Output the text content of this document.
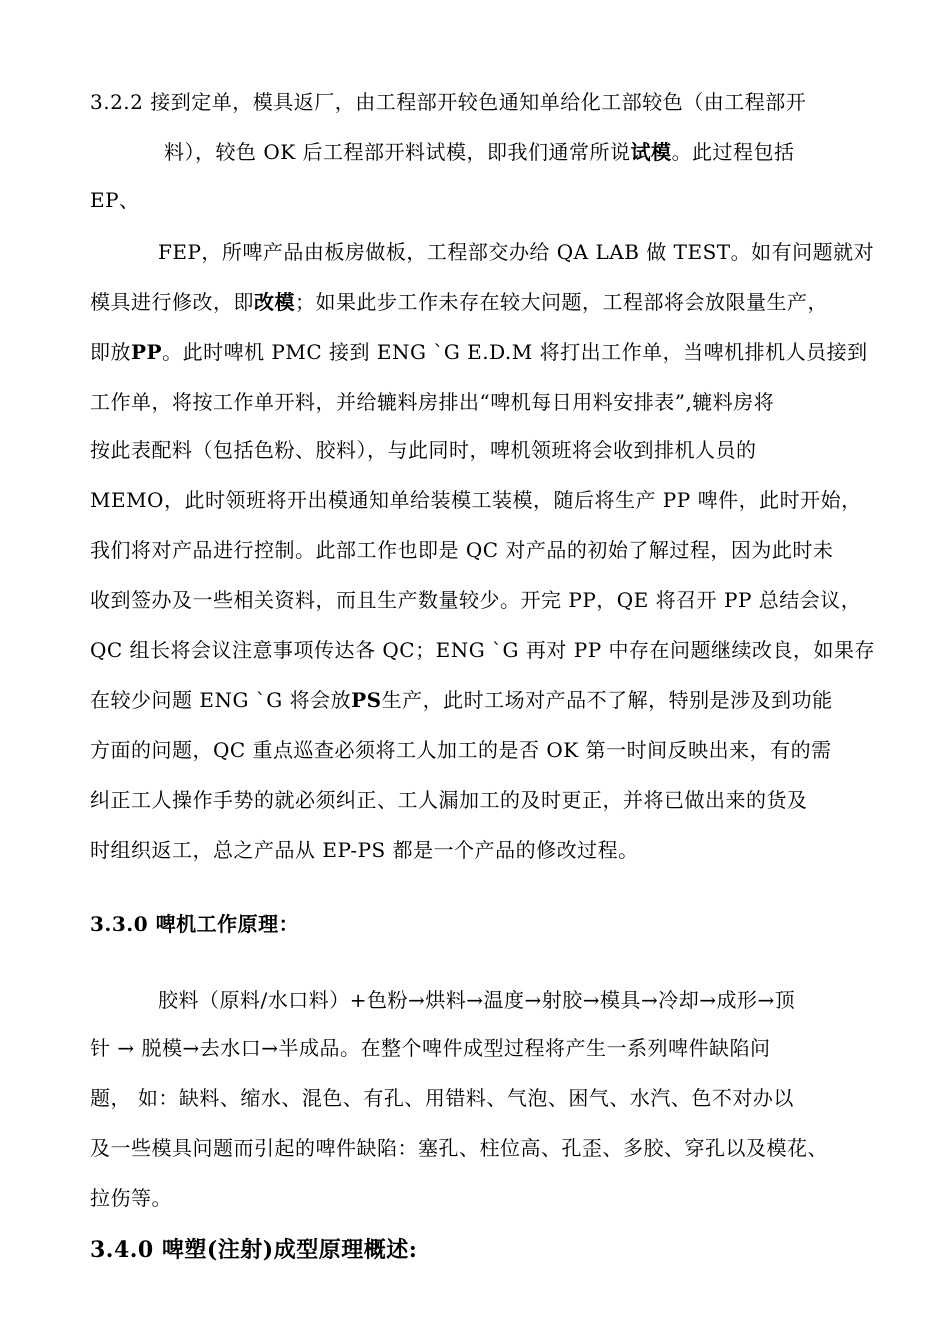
3.2.2 接到定单，模具返厂，由工程部开较色通知单给化工部较色（由工程部开
料），较色 OK 后工程部开料试模，即我们通常所说试模。此过程包括
EP、
FEP，所啤产品由板房做板，工程部交办给 QA LAB 做 TEST。如有问题就对
模具进行修改，即改模；如果此步工作未存在较大问题，工程部将会放限量生产，
即放PP。此时啤机 PMC 接到 ENG `G E.D.M 将打出工作单，当啤机排机人员接到
工作单，将按工作单开料，并给辘料房排出“啤机每日用料安排表”,辘料房将
按此表配料（包括色粉、胶料），与此同时，啤机领班将会收到排机人员的
MEMO，此时领班将开出模通知单给装模工装模，随后将生产 PP 啤件，此时开始，
我们将对产品进行控制。此部工作也即是 QC 对产品的初始了解过程，因为此时未
收到签办及一些相关资料，而且生产数量较少。开完 PP，QE 将召开 PP 总结会议，
QC 组长将会议注意事项传达各 QC；ENG `G 再对 PP 中存在问题继续改良，如果存
在较少问题 ENG `G 将会放PS生产，此时工场对产品不了解，特别是涉及到功能
方面的问题，QC 重点巡查必须将工人加工的是否 OK 第一时间反映出来，有的需
纠正工人操作手势的就必须纠正、工人漏加工的及时更正，并将已做出来的货及
时组织返工，总之产品从 EP-PS 都是一个产品的修改过程。
3.3.0 啤机工作原理：
胶料（原料/水口料）+色粉→烘料→温度→射胶→模具→冷却→成形→顶
针 → 脱模→去水口→半成品。在整个啤件成型过程将产生一系列啤件缺陷问
题， 如：缺料、缩水、混色、有孔、用错料、气泡、困气、水汽、色不对办以
及一些模具问题而引起的啤件缺陷：塞孔、柱位高、孔歪、多胶、穿孔以及模花、
拉伤等。
3.4.0 啤塑(注射)成型原理概述:
